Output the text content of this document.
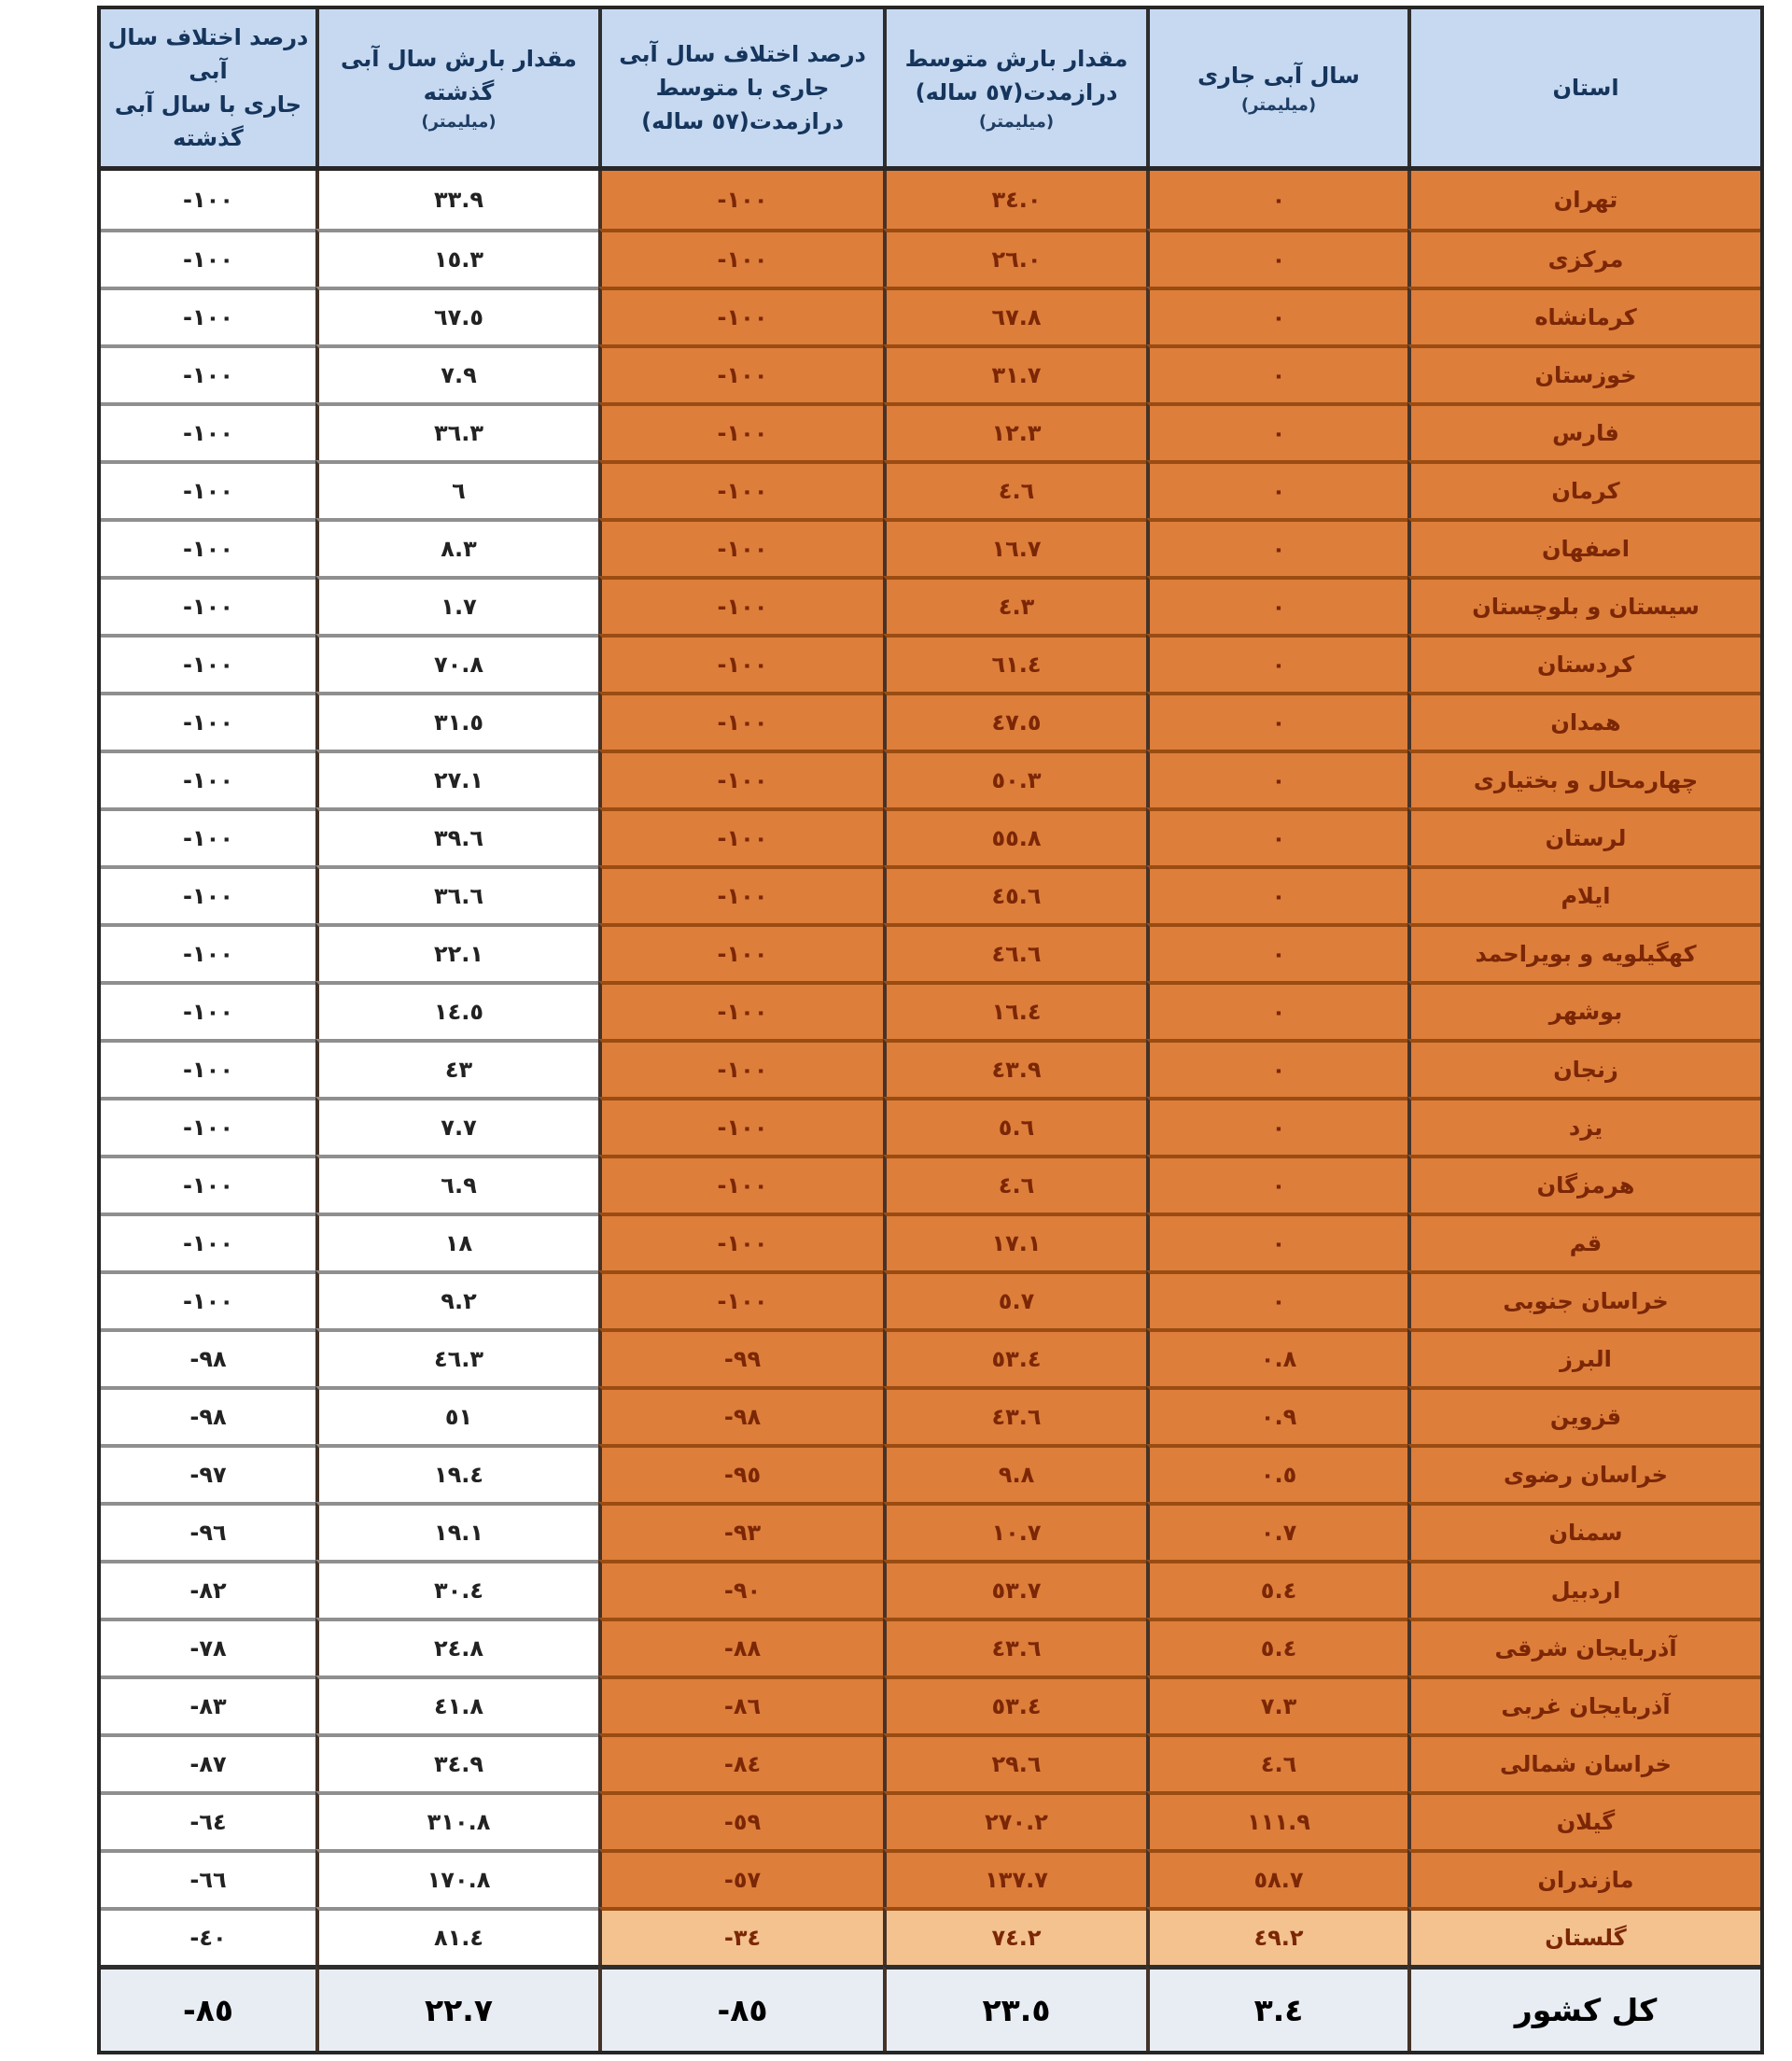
استان
سال آبی جاری
(میلیمتر)
مقدار بارش متوسط
درازمدت(٥٧ ساله)
(میلیمتر)
درصد اختلاف سال آبی
جاری با متوسط
درازمدت(٥٧ ساله)
مقدار بارش سال آبی
گذشته
(میلیمتر)
درصد اختلاف سال آبی
جاری با سال آبی گذشته
تهران
٠
٣٤.٠
-١٠٠
٣٣.٩
-١٠٠
مرکزی
٠
٢٦.٠
-١٠٠
١٥.٣
-١٠٠
کرمانشاه
٠
٦٧.٨
-١٠٠
٦٧.٥
-١٠٠
خوزستان
٠
٣١.٧
-١٠٠
٧.٩
-١٠٠
فارس
٠
١٢.٣
-١٠٠
٣٦.٣
-١٠٠
کرمان
٠
٤.٦
-١٠٠
٦
-١٠٠
اصفهان
٠
١٦.٧
-١٠٠
٨.٣
-١٠٠
سیستان و بلوچستان
٠
٤.٣
-١٠٠
١.٧
-١٠٠
کردستان
٠
٦١.٤
-١٠٠
٧٠.٨
-١٠٠
همدان
٠
٤٧.٥
-١٠٠
٣١.٥
-١٠٠
چهارمحال و بختیاری
٠
٥٠.٣
-١٠٠
٢٧.١
-١٠٠
لرستان
٠
٥٥.٨
-١٠٠
٣٩.٦
-١٠٠
ایلام
٠
٤٥.٦
-١٠٠
٣٦.٦
-١٠٠
کهگیلویه و بویراحمد
٠
٤٦.٦
-١٠٠
٢٢.١
-١٠٠
بوشهر
٠
١٦.٤
-١٠٠
١٤.٥
-١٠٠
زنجان
٠
٤٣.٩
-١٠٠
٤٣
-١٠٠
یزد
٠
٥.٦
-١٠٠
٧.٧
-١٠٠
هرمزگان
٠
٤.٦
-١٠٠
٦.٩
-١٠٠
قم
٠
١٧.١
-١٠٠
١٨
-١٠٠
خراسان جنوبی
٠
٥.٧
-١٠٠
٩.٢
-١٠٠
البرز
٠.٨
٥٣.٤
-٩٩
٤٦.٣
-٩٨
قزوین
٠.٩
٤٣.٦
-٩٨
٥١
-٩٨
خراسان رضوی
٠.٥
٩.٨
-٩٥
١٩.٤
-٩٧
سمنان
٠.٧
١٠.٧
-٩٣
١٩.١
-٩٦
اردبیل
٥.٤
٥٣.٧
-٩٠
٣٠.٤
-٨٢
آذربایجان شرقی
٥.٤
٤٣.٦
-٨٨
٢٤.٨
-٧٨
آذربایجان غربی
٧.٣
٥٣.٤
-٨٦
٤١.٨
-٨٣
خراسان شمالی
٤.٦
٢٩.٦
-٨٤
٣٤.٩
-٨٧
گیلان
١١١.٩
٢٧٠.٢
-٥٩
٣١٠.٨
-٦٤
مازندران
٥٨.٧
١٣٧.٧
-٥٧
١٧٠.٨
-٦٦
گلستان
٤٩.٢
٧٤.٢
-٣٤
٨١.٤
-٤٠
کل کشور
٣.٤
٢٣.٥
-٨٥
٢٢.٧
-٨٥
